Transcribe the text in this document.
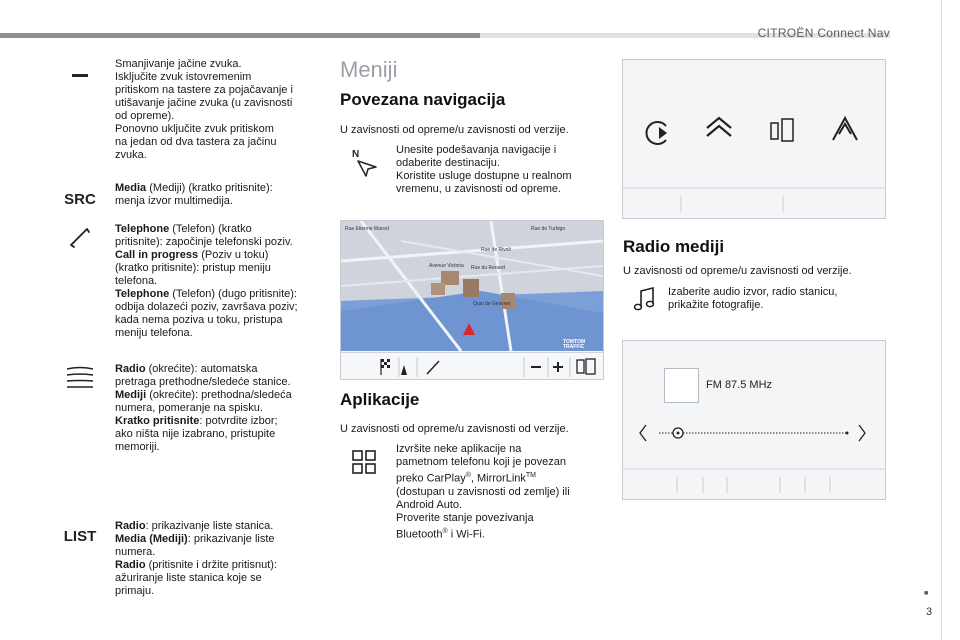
CITROËN Connect Nav
Smanjivanje jačine zvuka.
Isključite zvuk istovremenim
pritiskom na tastere za pojačavanje i
utišavanje jačine zvuka (u zavisnosti
od opreme).
Ponovno uključite zvuk pritiskom
na jedan od dva tastera za jačinu
zvuka.
SRC
Media (Mediji) (kratko pritisnite):
menja izvor multimedija.
Telephone (Telefon) (kratko
pritisnite): započinje telefonski poziv.
Call in progress (Poziv u toku)
(kratko pritisnite): pristup meniju
telefona.
Telephone (Telefon) (dugo pritisnite):
odbija dolazeći poziv, završava poziv;
kada nema poziva u toku, pristupa
meniju telefona.
Radio (okrećite): automatska
pretraga prethodne/sledeće stanice.
Mediji (okrećite): prethodna/sledeća
numera, pomeranje na spisku.
Kratko pritisnite: potvrdite izbor;
ako ništa nije izabrano, pristupite
memoriji.
LIST
Radio: prikazivanje liste stanica.
Media (Mediji): prikazivanje liste
numera.
Radio (pritisnite i držite pritisnut):
ažuriranje liste stanica koje se
primaju.
Meniji
Povezana navigacija
U zavisnosti od opreme/u zavisnosti od verzije.
N	Unesite podešavanja navigacije i
odaberite destinaciju.
Koristite usluge dostupne u realnom
vremenu, u zavisnosti od opreme.
Rue Etienne Marcel	Rue de Turbigo
Rue de Rivoli
Rue du Renard
Avenue Victoria
Quai de Gesvres
TOMTOM
TRAFFIC
Aplikacije
U zavisnosti od opreme/u zavisnosti od verzije.
Izvršite neke aplikacije na
pametnom telefonu koji je povezan
preko CarPlay®, MirrorLink™
(dostupan u zavisnosti od zemlje) ili
Android Auto.
Proverite stanje povezivanja
Bluetooth® i Wi-Fi.
Radio mediji
U zavisnosti od opreme/u zavisnosti od verzije.
Izaberite audio izvor, radio stanicu,
prikažite fotografije.
FM 87.5 MHz
■
3
